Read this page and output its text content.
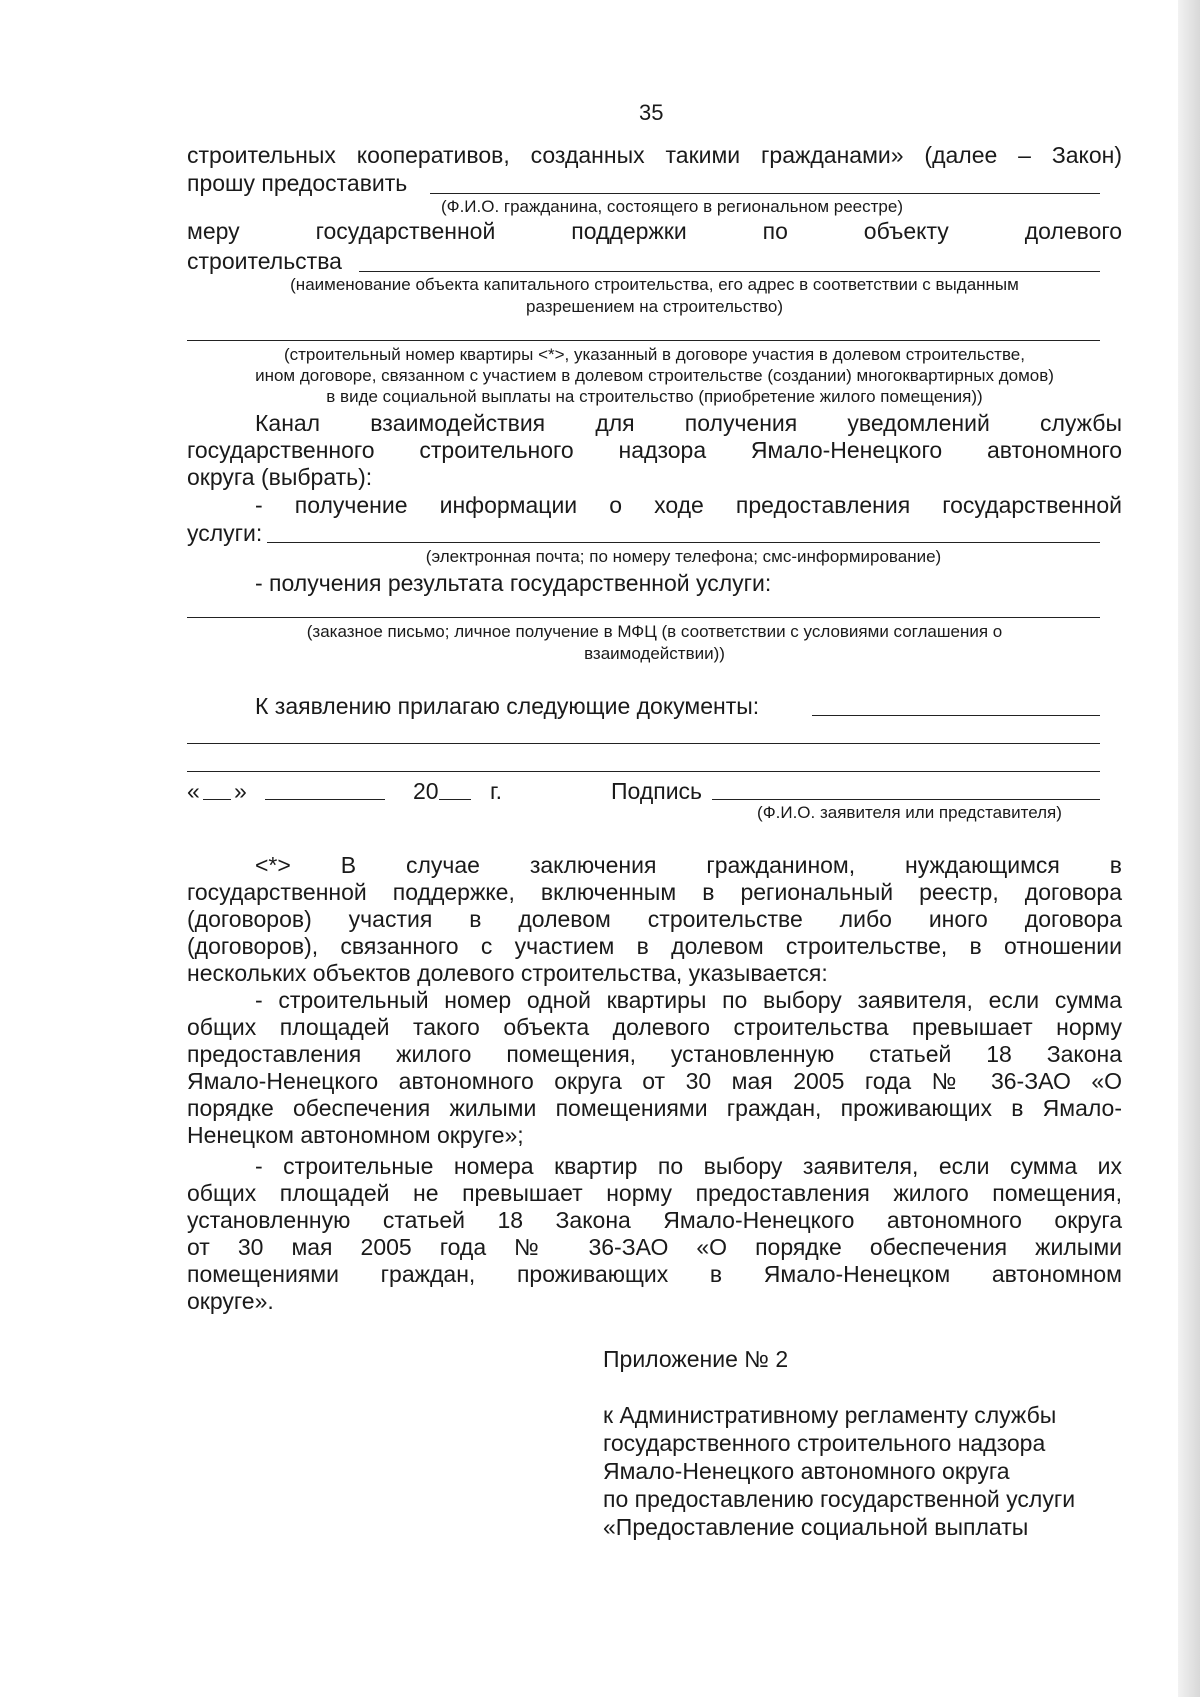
35
строительных кооперативов, созданных такими гражданами» (далее – Закон)
прошу предоставить
(Ф.И.О. гражданина, состоящего в региональном реестре)
меру	государственной	поддержки	по	объекту	долевого
строительства
(наименование объекта капитального строительства, его адрес в соответствии с выданным
разрешением на строительство)
(строительный номер квартиры <*>, указанный в договоре участия в долевом строительстве,
ином договоре, связанном с участием в долевом строительстве (создании) многоквартирных домов)
в виде социальной выплаты на строительство (приобретение жилого помещения))
Канал взаимодействия для получения уведомлений службы
государственного строительного надзора Ямало-Ненецкого автономного
округа (выбрать):
- получение информации о ходе предоставления государственной
услуги:
(электронная почта; по номеру телефона; смс-информирование)
- получения результата государственной услуги:
(заказное письмо; личное получение в МФЦ (в соответствии с условиями соглашения о
взаимодействии))
К заявлению прилагаю следующие документы:
« »	20 г.	Подпись
(Ф.И.О. заявителя или представителя)
<*> В случае заключения гражданином, нуждающимся в
государственной поддержке, включенным в региональный реестр, договора
(договоров) участия в долевом строительстве либо иного договора
(договоров), связанного с участием в долевом строительстве, в отношении
нескольких объектов долевого строительства, указывается:
- строительный номер одной квартиры по выбору заявителя, если сумма
общих площадей такого объекта долевого строительства превышает норму
предоставления жилого помещения, установленную статьей 18 Закона
Ямало-Ненецкого автономного округа от 30 мая 2005 года № 36-ЗАО «О
порядке обеспечения жилыми помещениями граждан, проживающих в Ямало-
Ненецком автономном округе»;
- строительные номера квартир по выбору заявителя, если сумма их
общих площадей не превышает норму предоставления жилого помещения,
установленную статьей 18 Закона Ямало-Ненецкого автономного округа
от 30 мая 2005 года № 36-ЗАО «О порядке обеспечения жилыми
помещениями граждан, проживающих в Ямало-Ненецком автономном
округе».
Приложение № 2
к Административному регламенту службы
государственного строительного надзора
Ямало-Ненецкого автономного округа
по предоставлению государственной услуги
«Предоставление социальной выплаты
